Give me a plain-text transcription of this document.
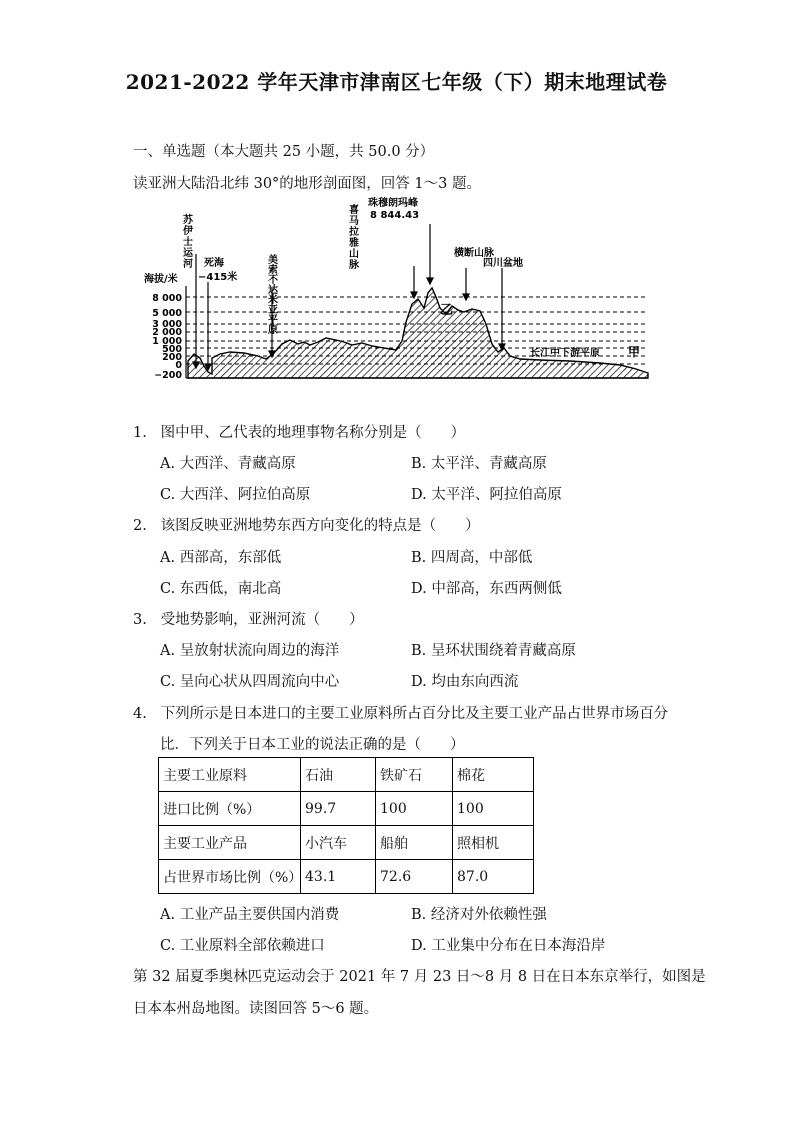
2021-2022 学年天津市津南区七年级（下）期末地理试卷
一、单选题（本大题共 25 小题，共 50.0 分）
读亚洲大陆沿北纬 30°的地形剖面图，回答 1～3 题。
8 000
5 000
3 000
2 000
1 000
500
200
0
−200
海拔/米
苏伊士运河	喜马拉雅山脉
美索不达米亚平原
死海
−415米
珠穆朗玛峰
8 844.43
横断山脉
四川盆地
长江中下游平原
乙
甲
1. 图中甲、乙代表的地理事物名称分别是（　　）
A. 大西洋、青藏高原	B. 太平洋、青藏高原
C. 大西洋、阿拉伯高原	D. 太平洋、阿拉伯高原
2. 该图反映亚洲地势东西方向变化的特点是（　　）
A. 西部高，东部低	B. 四周高，中部低
C. 东西低，南北高	D. 中部高，东西两侧低
3. 受地势影响，亚洲河流（　　）
A. 呈放射状流向周边的海洋	B. 呈环状围绕着青藏高原
C. 呈向心状从四周流向中心	D. 均由东向西流
4. 下列所示是日本进口的主要工业原料所占百分比及主要工业产品占世界市场百分
比．下列关于日本工业的说法正确的是（　　）
主要工业原料	石油	铁矿石	棉花
进口比例（%）	99.7	100	100
主要工业产品	小汽车	船舶	照相机
占世界市场比例（%）	43.1	72.6	87.0
A. 工业产品主要供国内消费	B. 经济对外依赖性强
C. 工业原料全部依赖进口	D. 工业集中分布在日本海沿岸
第 32 届夏季奥林匹克运动会于 2021 年 7 月 23 日～8 月 8 日在日本东京举行，如图是
日本本州岛地图。读图回答 5～6 题。
